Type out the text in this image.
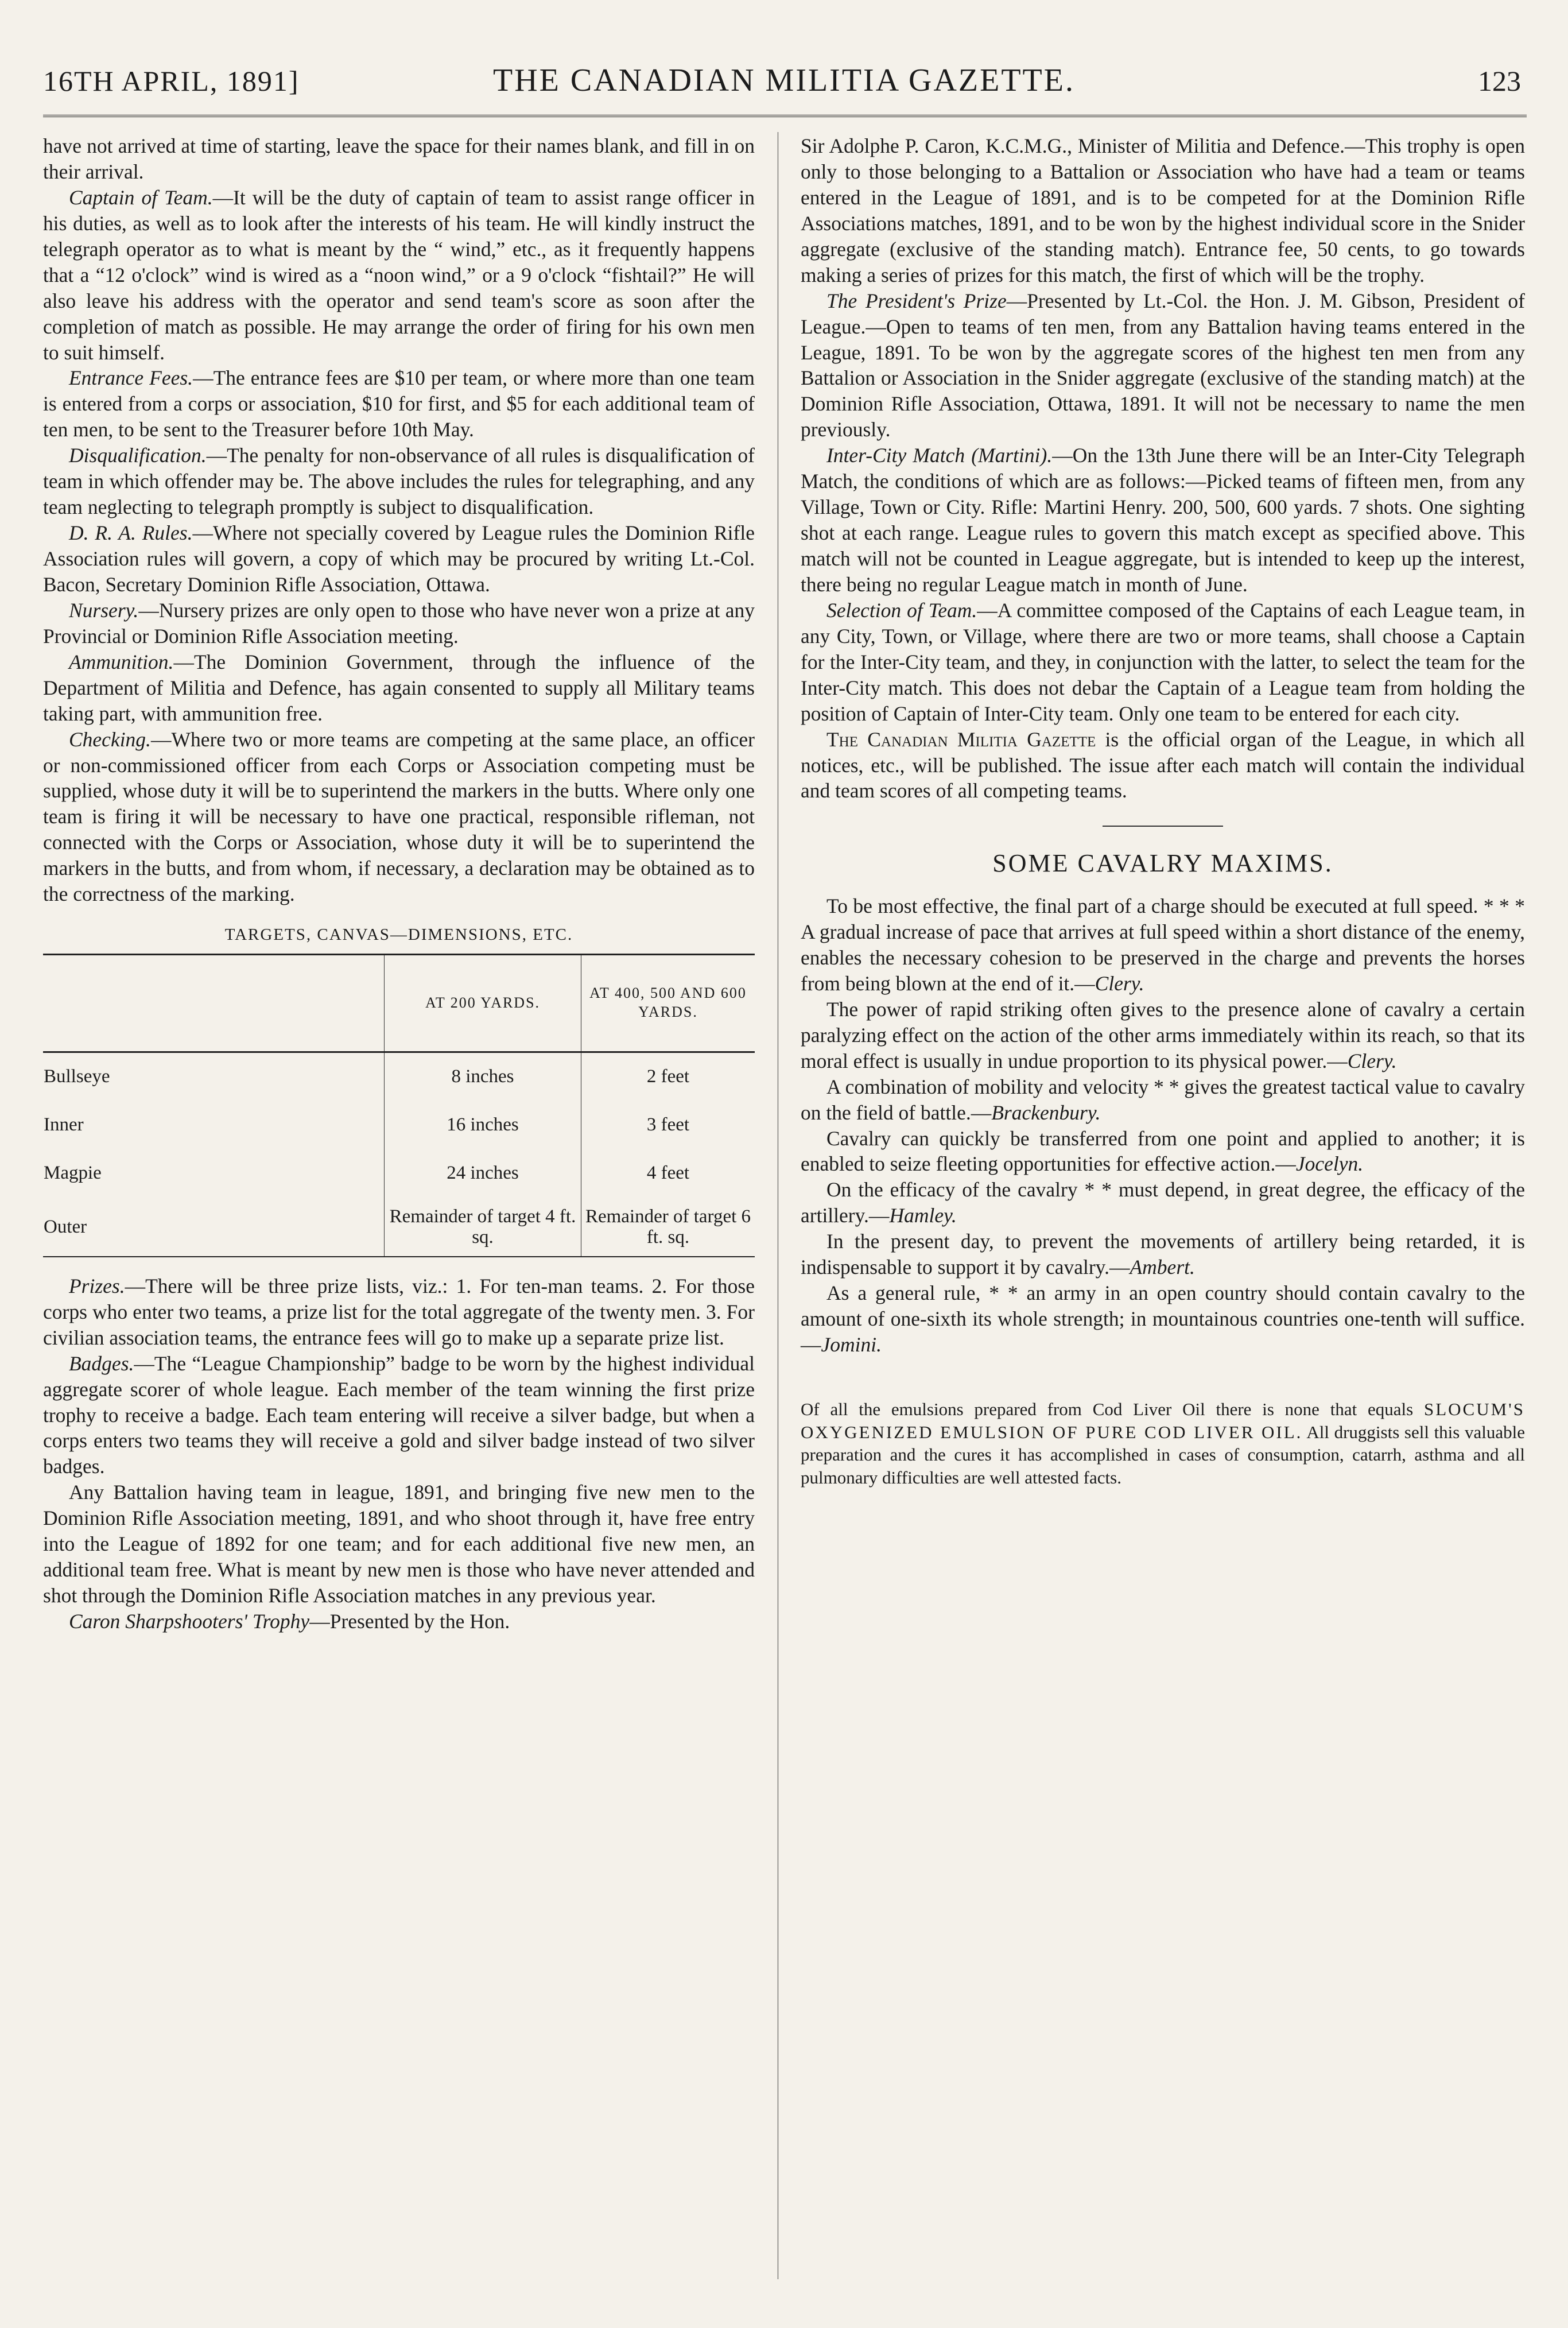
16TH APRIL, 1891]	THE CANADIAN MILITIA GAZETTE.	123

have not arrived at time of starting, leave the space for their names blank, and fill in on their arrival.

Captain of Team.—It will be the duty of captain of team to assist range officer in his duties, as well as to look after the interests of his team. He will kindly instruct the telegraph operator as to what is meant by the “ wind,” etc., as it frequently happens that a “12 o'clock” wind is wired as a “noon wind,” or a 9 o'clock “fishtail?” He will also leave his address with the operator and send team's score as soon after the completion of match as possible. He may arrange the order of firing for his own men to suit himself.

Entrance Fees.—The entrance fees are $10 per team, or where more than one team is entered from a corps or association, $10 for first, and $5 for each additional team of ten men, to be sent to the Treasurer before 10th May.

Disqualification.—The penalty for non-observance of all rules is disqualification of team in which offender may be. The above includes the rules for telegraphing, and any team neglecting to telegraph promptly is subject to disqualification.

D. R. A. Rules.—Where not specially covered by League rules the Dominion Rifle Association rules will govern, a copy of which may be procured by writing Lt.-Col. Bacon, Secretary Dominion Rifle Association, Ottawa.

Nursery.—Nursery prizes are only open to those who have never won a prize at any Provincial or Dominion Rifle Association meeting.

Ammunition.—The Dominion Government, through the influence of the Department of Militia and Defence, has again consented to supply all Military teams taking part, with ammunition free.

Checking.—Where two or more teams are competing at the same place, an officer or non-commissioned officer from each Corps or Association competing must be supplied, whose duty it will be to superintend the markers in the butts. Where only one team is firing it will be necessary to have one practical, responsible rifleman, not connected with the Corps or Association, whose duty it will be to superintend the markers in the butts, and from whom, if necessary, a declaration may be obtained as to the correctness of the marking.

TARGETS, CANVAS—DIMENSIONS, ETC.
	AT 200 YARDS.	AT 400, 500 AND 600 YARDS.
Bullseye	8 inches	2 feet
Inner	16 inches	3 feet
Magpie	24 inches	4 feet
Outer	Remainder of target 4 ft. sq.	Remainder of target 6 ft. sq.

Prizes.—There will be three prize lists, viz.: 1. For ten-man teams. 2. For those corps who enter two teams, a prize list for the total aggregate of the twenty men. 3. For civilian association teams, the entrance fees will go to make up a separate prize list.

Badges.—The “League Championship” badge to be worn by the highest individual aggregate scorer of whole league. Each member of the team winning the first prize trophy to receive a badge. Each team entering will receive a silver badge, but when a corps enters two teams they will receive a gold and silver badge instead of two silver badges.

Any Battalion having team in league, 1891, and bringing five new men to the Dominion Rifle Association meeting, 1891, and who shoot through it, have free entry into the League of 1892 for one team; and for each additional five new men, an additional team free. What is meant by new men is those who have never attended and shot through the Dominion Rifle Association matches in any previous year.

Caron Sharpshooters' Trophy—Presented by the Hon.

Sir Adolphe P. Caron, K.C.M.G., Minister of Militia and Defence.—This trophy is open only to those belonging to a Battalion or Association who have had a team or teams entered in the League of 1891, and is to be competed for at the Dominion Rifle Associations matches, 1891, and to be won by the highest individual score in the Snider aggregate (exclusive of the standing match). Entrance fee, 50 cents, to go towards making a series of prizes for this match, the first of which will be the trophy.

The President's Prize—Presented by Lt.-Col. the Hon. J. M. Gibson, President of League.—Open to teams of ten men, from any Battalion having teams entered in the League, 1891. To be won by the aggregate scores of the highest ten men from any Battalion or Association in the Snider aggregate (exclusive of the standing match) at the Dominion Rifle Association, Ottawa, 1891. It will not be necessary to name the men previously.

Inter-City Match (Martini).—On the 13th June there will be an Inter-City Telegraph Match, the conditions of which are as follows:—Picked teams of fifteen men, from any Village, Town or City. Rifle: Martini Henry. 200, 500, 600 yards. 7 shots. One sighting shot at each range. League rules to govern this match except as specified above. This match will not be counted in League aggregate, but is intended to keep up the interest, there being no regular League match in month of June.

Selection of Team.—A committee composed of the Captains of each League team, in any City, Town, or Village, where there are two or more teams, shall choose a Captain for the Inter-City team, and they, in conjunction with the latter, to select the team for the Inter-City match. This does not debar the Captain of a League team from holding the position of Captain of Inter-City team. Only one team to be entered for each city.

The Canadian Militia Gazette is the official organ of the League, in which all notices, etc., will be published. The issue after each match will contain the individual and team scores of all competing teams.

SOME CAVALRY MAXIMS.

To be most effective, the final part of a charge should be executed at full speed. * * * A gradual increase of pace that arrives at full speed within a short distance of the enemy, enables the necessary cohesion to be preserved in the charge and prevents the horses from being blown at the end of it.—Clery.

The power of rapid striking often gives to the presence alone of cavalry a certain paralyzing effect on the action of the other arms immediately within its reach, so that its moral effect is usually in undue proportion to its physical power.—Clery.

A combination of mobility and velocity * * gives the greatest tactical value to cavalry on the field of battle.—Brackenbury.

Cavalry can quickly be transferred from one point and applied to another; it is enabled to seize fleeting opportunities for effective action.—Jocelyn.

On the efficacy of the cavalry * * must depend, in great degree, the efficacy of the artillery.—Hamley.

In the present day, to prevent the movements of artillery being retarded, it is indispensable to support it by cavalry.—Ambert.

As a general rule, * * an army in an open country should contain cavalry to the amount of one-sixth its whole strength; in mountainous countries one-tenth will suffice.—Jomini.

Of all the emulsions prepared from Cod Liver Oil there is none that equals SLOCUM'S OXYGENIZED EMULSION OF PURE COD LIVER OIL. All druggists sell this valuable preparation and the cures it has accomplished in cases of consumption, catarrh, asthma and all pulmonary difficulties are well attested facts.
